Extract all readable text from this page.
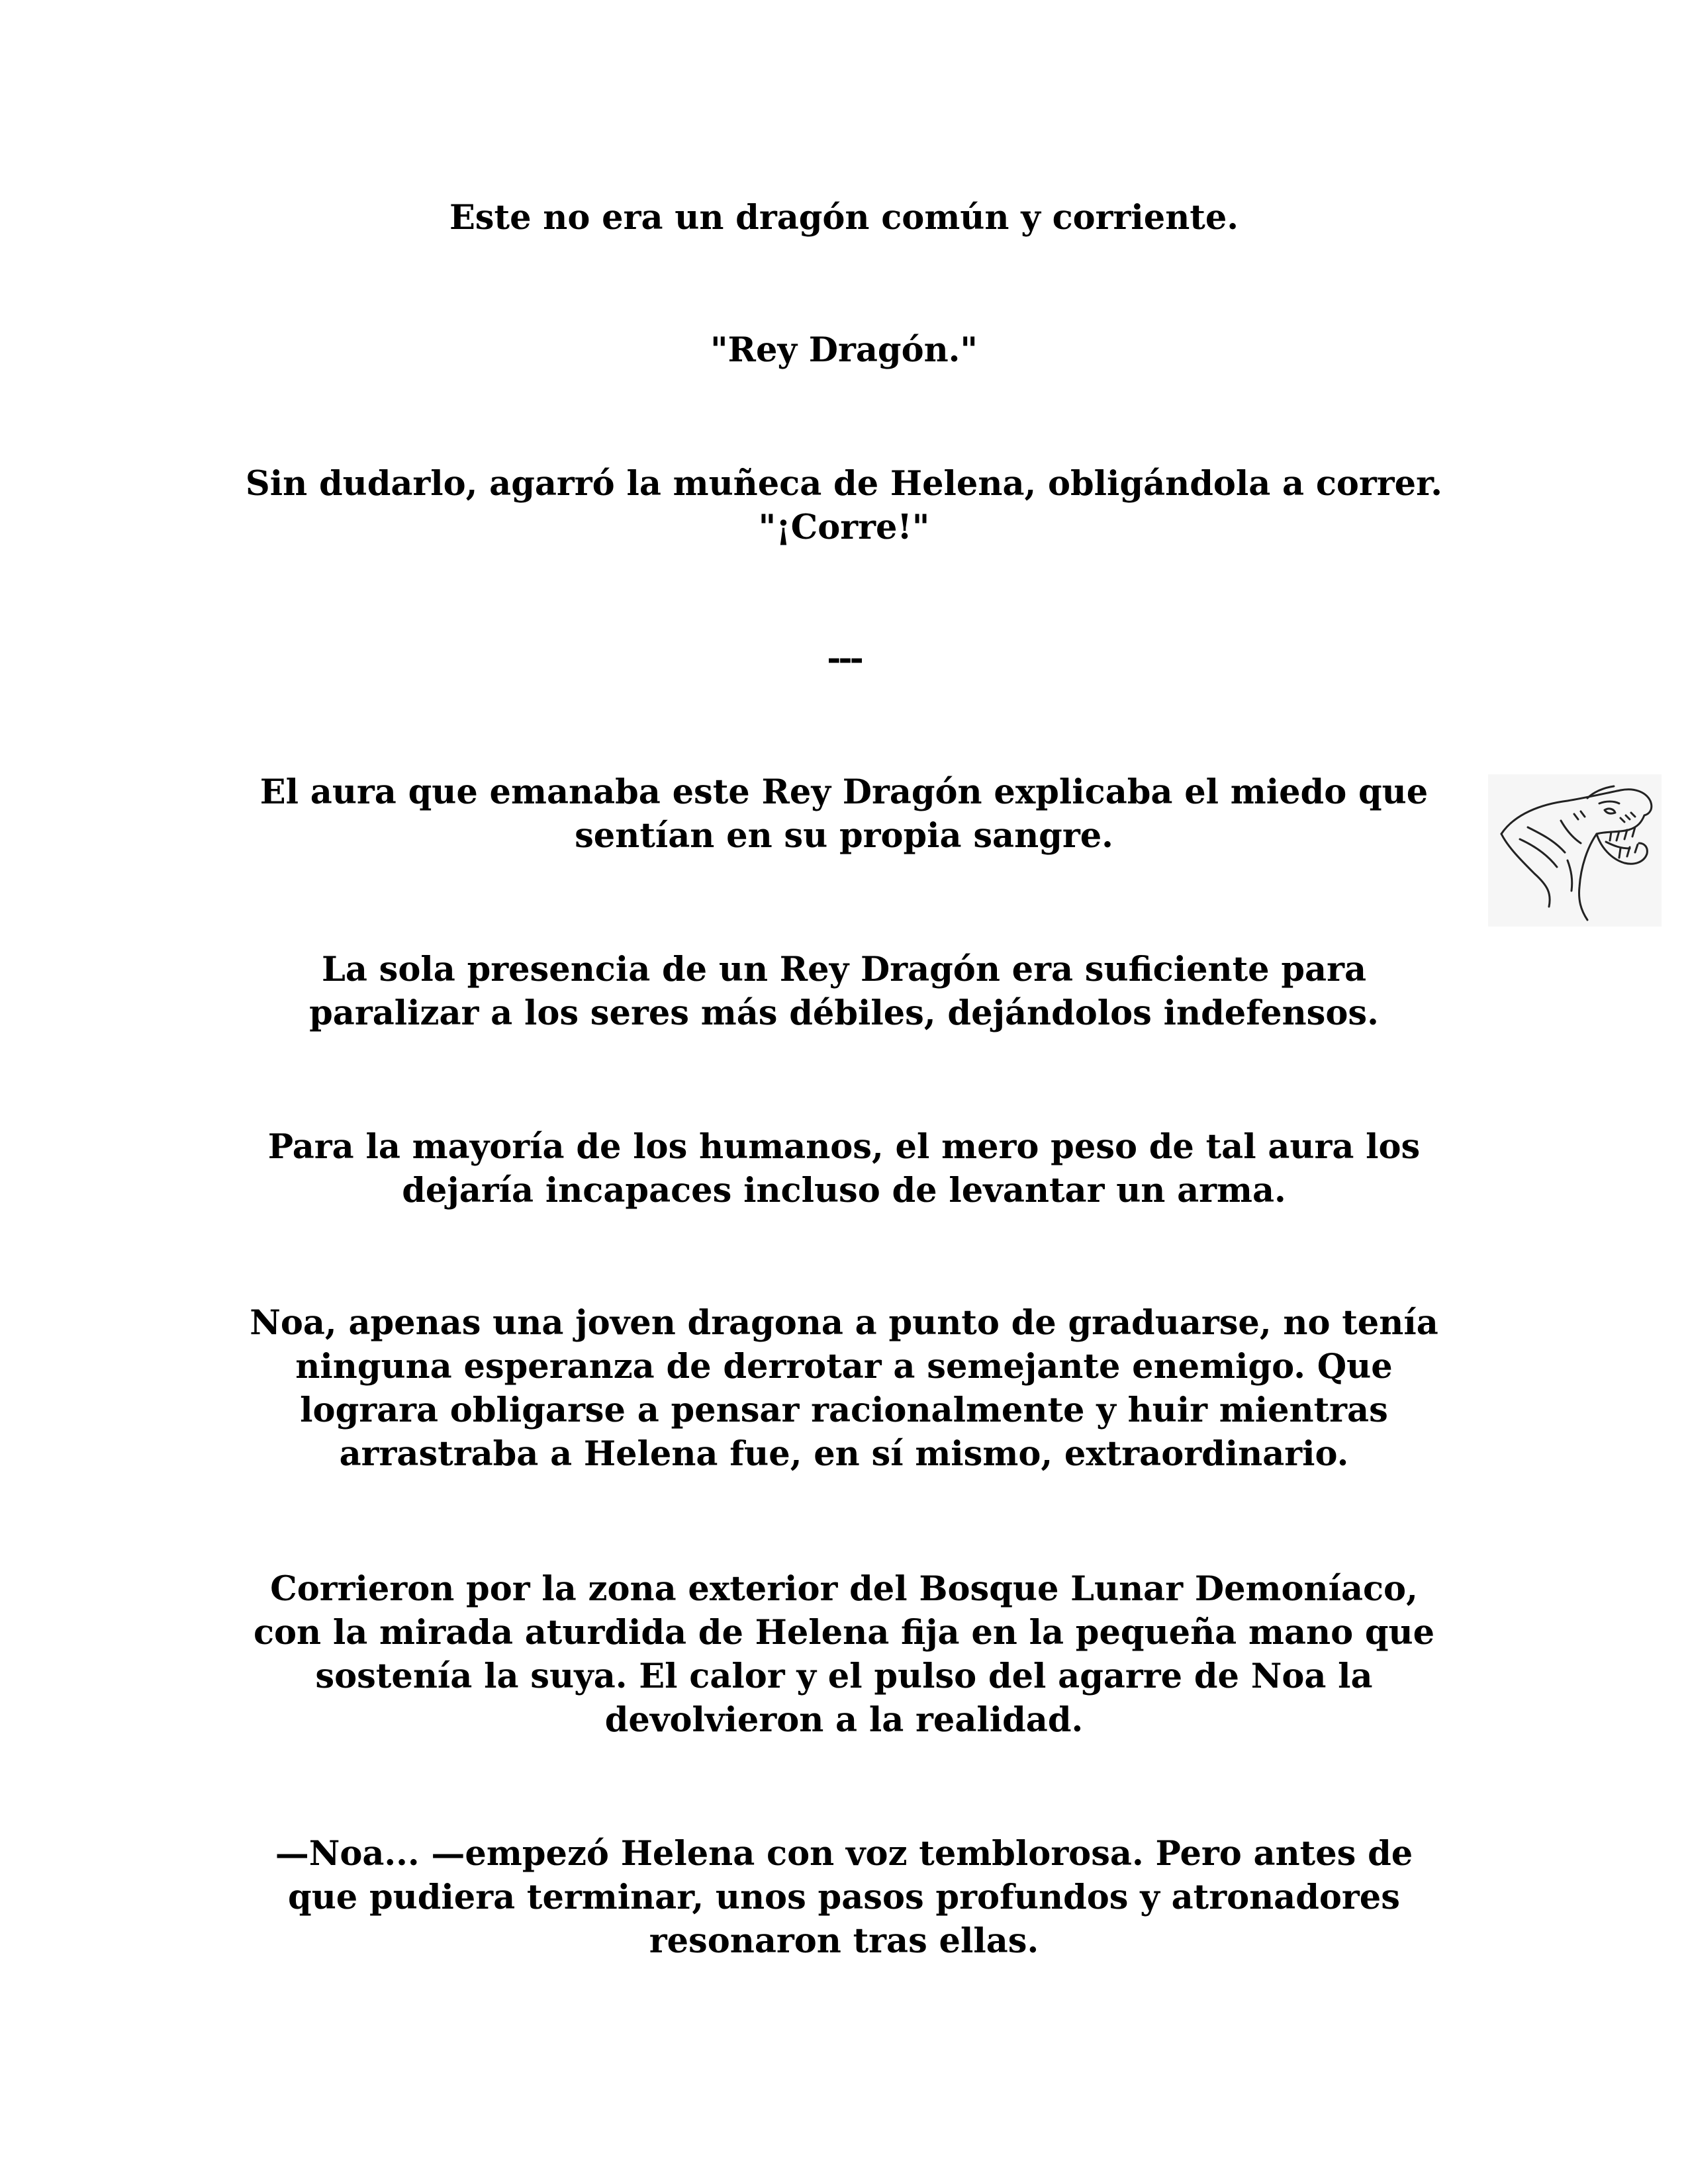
Este no era un dragón común y corriente.

"Rey Dragón."

Sin dudarlo, agarró la muñeca de Helena, obligándola a correr.
"¡Corre!"

---

El aura que emanaba este Rey Dragón explicaba el miedo que
sentían en su propia sangre.

La sola presencia de un Rey Dragón era suficiente para
paralizar a los seres más débiles, dejándolos indefensos.

Para la mayoría de los humanos, el mero peso de tal aura los
dejaría incapaces incluso de levantar un arma.

Noa, apenas una joven dragona a punto de graduarse, no tenía
ninguna esperanza de derrotar a semejante enemigo. Que
lograra obligarse a pensar racionalmente y huir mientras
arrastraba a Helena fue, en sí mismo, extraordinario.

Corrieron por la zona exterior del Bosque Lunar Demoníaco,
con la mirada aturdida de Helena fija en la pequeña mano que
sostenía la suya. El calor y el pulso del agarre de Noa la
devolvieron a la realidad.

—Noa... —empezó Helena con voz temblorosa. Pero antes de
que pudiera terminar, unos pasos profundos y atronadores
resonaron tras ellas.
